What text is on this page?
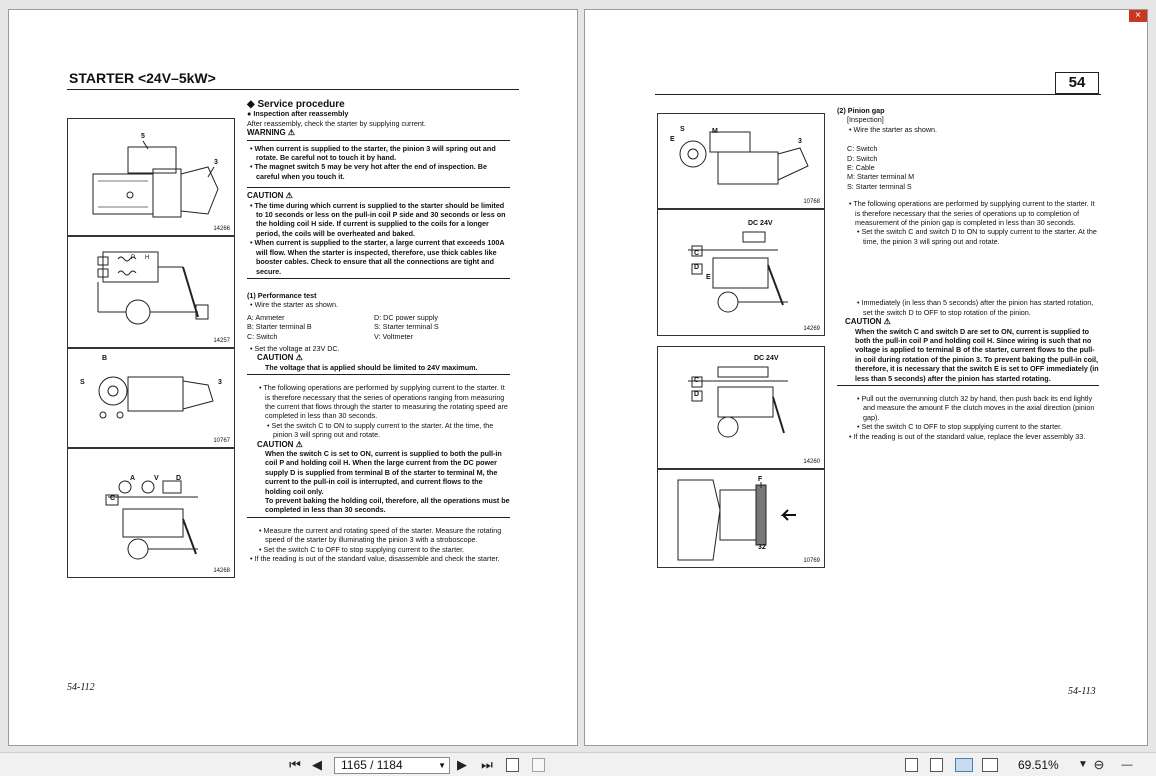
STARTER <24V–5kW>
5
3
14266
P H
14257
B
S	3
10767
A	V D
C
14268

◆ Service procedure

● Inspection after reassembly

After reassembly, check the starter by supplying current.

WARNING ⚠

• When current is supplied to the starter, the pinion 3 will spring out and rotate. Be careful not to touch it by hand.

• The magnet switch 5 may be very hot after the end of inspection. Be careful when you touch it.

CAUTION ⚠

• The time during which current is supplied to the starter should be limited to 10 seconds or less on the pull-in coil P side and 30 seconds or less on the holding coil H side. If current is supplied to the coils for a longer period, the coils will be overheated and baked.

• When current is supplied to the starter, a large current that exceeds 100A will flow. When the starter is inspected, therefore, use thick cables like booster cables. Check to ensure that all the connections are tight and secure.

(1) Performance test

• Wire the starter as shown.

A: Ammeter	D: DC power supply
B: Starter terminal B	S: Starter terminal S
C: Switch	V: Voltmeter

• Set the voltage at 23V DC.

CAUTION ⚠

The voltage that is applied should be limited to 24V maximum.

• The following operations are performed by supplying current to the starter. It is therefore necessary that the series of operations ranging from measuring the current that flows through the starter to measuring the rotating speed are completed in less than 30 seconds.

• Set the switch C to ON to supply current to the starter. At the time, the pinion 3 will spring out and rotate.

CAUTION ⚠

When the switch C is set to ON, current is supplied to both the pull-in coil P and holding coil H. When the large current from the DC power supply D is supplied from terminal B of the starter to terminal M, the current to the pull-in coil is interrupted, and current flows to the holding coil only.

To prevent baking the holding coil, therefore, all the operations must be completed in less than 30 seconds.

• Measure the current and rotating speed of the starter. Measure the rotating speed of the starter by illuminating the pinion 3 with a stroboscope.

• Set the switch C to OFF to stop supplying current to the starter.

• If the reading is out of the standard value, disassemble and check the starter.

54-112
×
54
S	M
E	3
10768
DC 24V
C
D
E
14269
DC 24V
C
D
14260
F
32
10769

(2) Pinion gap

[Inspection]

• Wire the starter as shown.

C: Switch

D: Switch

E: Cable

M: Starter terminal M

S: Starter terminal S

• The following operations are performed by supplying current to the starter. It is therefore necessary that the series of operations up to completion of measurement of the pinion gap is completed in less than 30 seconds.

• Set the switch C and switch D to ON to supply current to the starter. At the time, the pinion 3 will spring out and rotate.

• Immediately (in less than 5 seconds) after the pinion has started rotation, set the switch D to OFF to stop rotation of the pinion.

CAUTION ⚠

When the switch C and switch D are set to ON, current is supplied to both the pull-in coil P and holding coil H. Since wiring is such that no voltage is applied to terminal B of the starter, current flows to the pull-in coil during rotation of the pinion 3. To prevent baking the pull-in coil, therefore, it is necessary that the switch E is set to OFF immediately (in less than 5 seconds) after the pinion has started rotating.

• Pull out the overrunning clutch 32 by hand, then push back its end lightly and measure the amount F the clutch moves in the axial direction (pinion gap).

• Set the switch C to OFF to stop supplying current to the starter.

• If the reading is out of the standard value, replace the lever assembly 33.

54-113
⏮ ◀	1165 / 1184	▼ ▶ ⏭	69.51% ▼ ⊖	—
